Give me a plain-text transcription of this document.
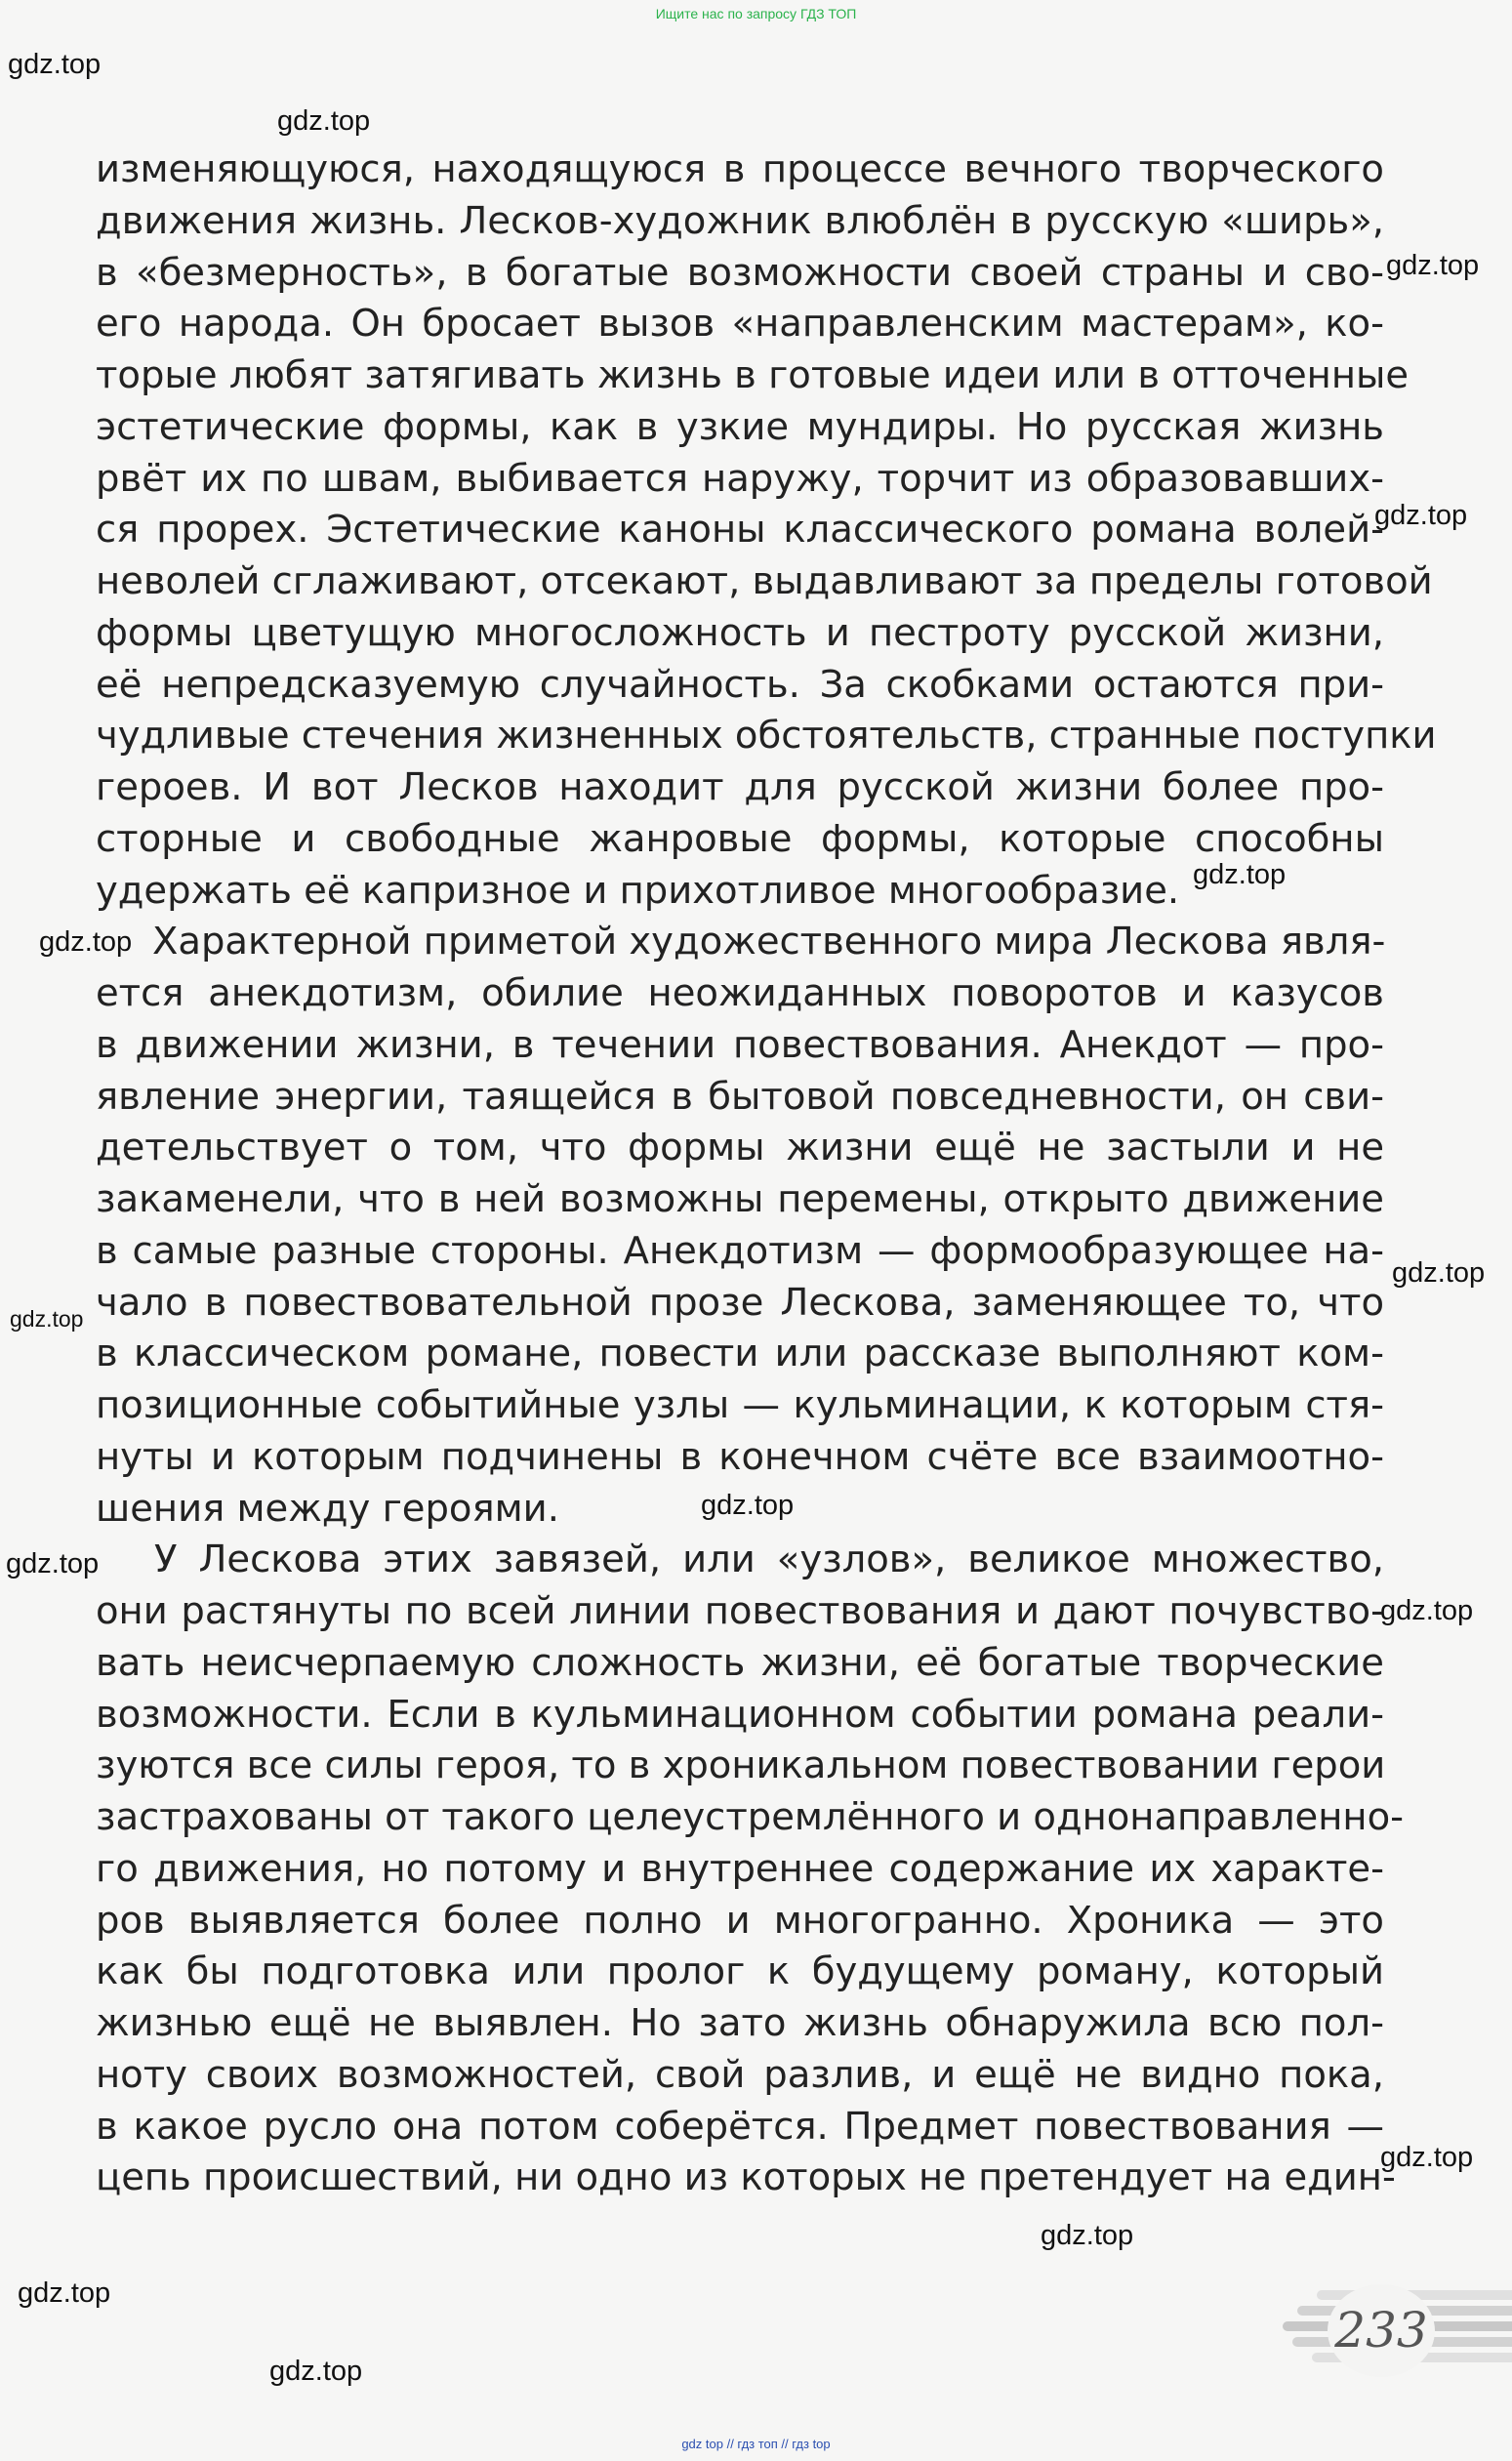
Ищите нас по запросу ГДЗ ТОП
gdz.top
gdz.top
gdz.top
gdz.top
gdz.top
gdz.top
gdz.top
gdz.top
gdz.top
gdz.top
gdz.top
gdz.top
gdz.top
gdz.top
gdz.top
изменяющуюся, находящуюся в процессе вечного творческого
движения жизнь. Лесков-художник влюблён в русскую «ширь»,
в «безмерность», в богатые возможности своей страны и сво-
его народа. Он бросает вызов «направленским мастерам», ко-
торые любят затягивать жизнь в готовые идеи или в отточенные
эстетические формы, как в узкие мундиры. Но русская жизнь
рвёт их по швам, выбивается наружу, торчит из образовавших-
ся прорех. Эстетические каноны классического романа волей-
неволей сглаживают, отсекают, выдавливают за пределы готовой
формы цветущую многосложность и пестроту русской жизни,
её непредсказуемую случайность. За скобками остаются при-
чудливые стечения жизненных обстоятельств, странные поступки
героев. И вот Лесков находит для русской жизни более про-
сторные и свободные жанровые формы, которые способны
удержать её капризное и прихотливое многообразие.
Характерной приметой художественного мира Лескова явля-
ется анекдотизм, обилие неожиданных поворотов и казусов
в движении жизни, в течении повествования. Анекдот — про-
явление энергии, таящейся в бытовой повседневности, он сви-
детельствует о том, что формы жизни ещё не застыли и не
закаменели, что в ней возможны перемены, открыто движение
в самые разные стороны. Анекдотизм — формообразующее на-
чало в повествовательной прозе Лескова, заменяющее то, что
в классическом романе, повести или рассказе выполняют ком-
позиционные событийные узлы — кульминации, к которым стя-
нуты и которым подчинены в конечном счёте все взаимоотно-
шения между героями.
У Лескова этих завязей, или «узлов», великое множество,
они растянуты по всей линии повествования и дают почувство-
вать неисчерпаемую сложность жизни, её богатые творческие
возможности. Если в кульминационном событии романа реали-
зуются все силы героя, то в хроникальном повествовании герои
застрахованы от такого целеустремлённого и однонаправленно-
го движения, но потому и внутреннее содержание их характе-
ров выявляется более полно и многогранно. Хроника — это
как бы подготовка или пролог к будущему роману, который
жизнью ещё не выявлен. Но зато жизнь обнаружила всю пол-
ноту своих возможностей, свой разлив, и ещё не видно пока,
в какое русло она потом соберётся. Предмет повествования —
цепь происшествий, ни одно из которых не претендует на един-
233
gdz top // гдз топ // гдз top
